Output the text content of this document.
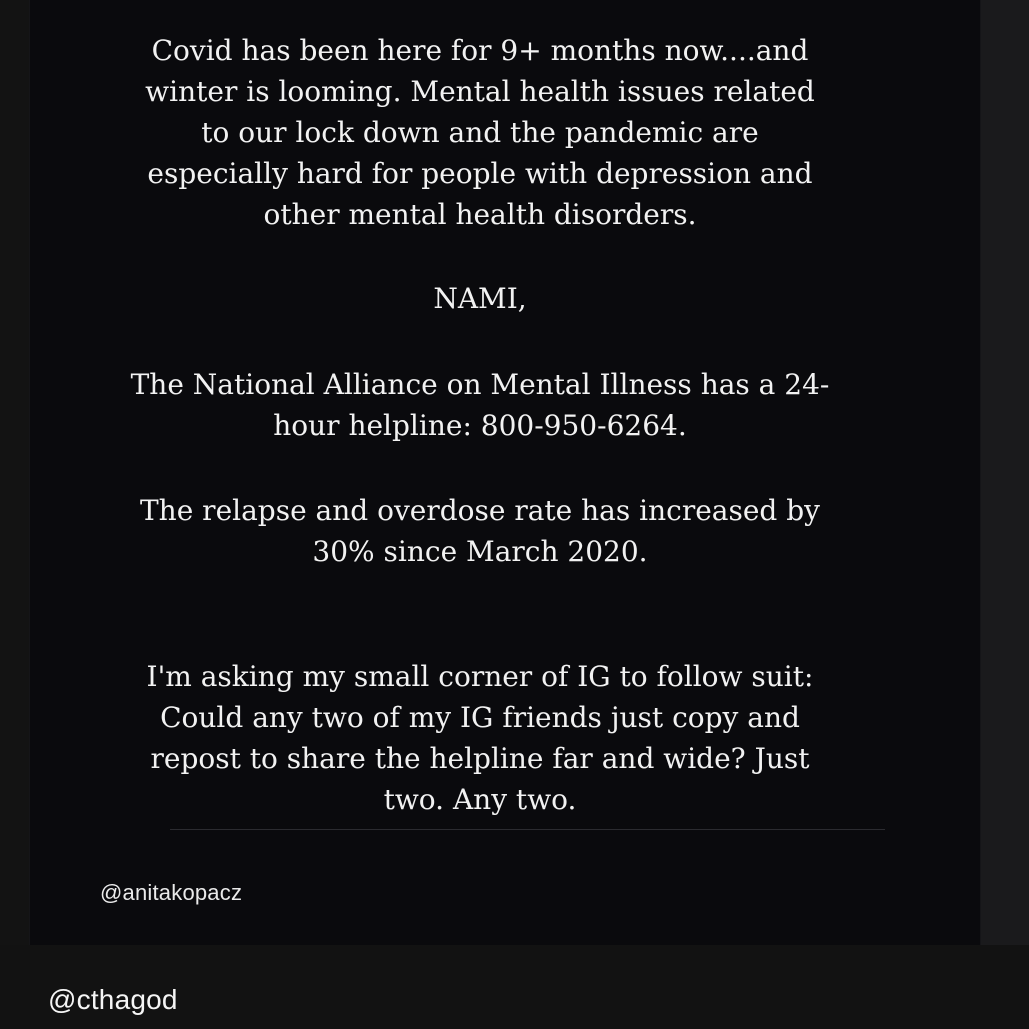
Covid has been here for 9+ months now....and winter is looming. Mental health issues related to our lock down and the pandemic are especially hard for people with depression and other mental health disorders.

NAMI,

The National Alliance on Mental Illness has a 24-hour helpline: 800-950-6264.

The relapse and overdose rate has increased by 30% since March 2020.

I'm asking my small corner of IG to follow suit: Could any two of my IG friends just copy and repost to share the helpline far and wide? Just two. Any two.

@anitakopacz
@cthagod
